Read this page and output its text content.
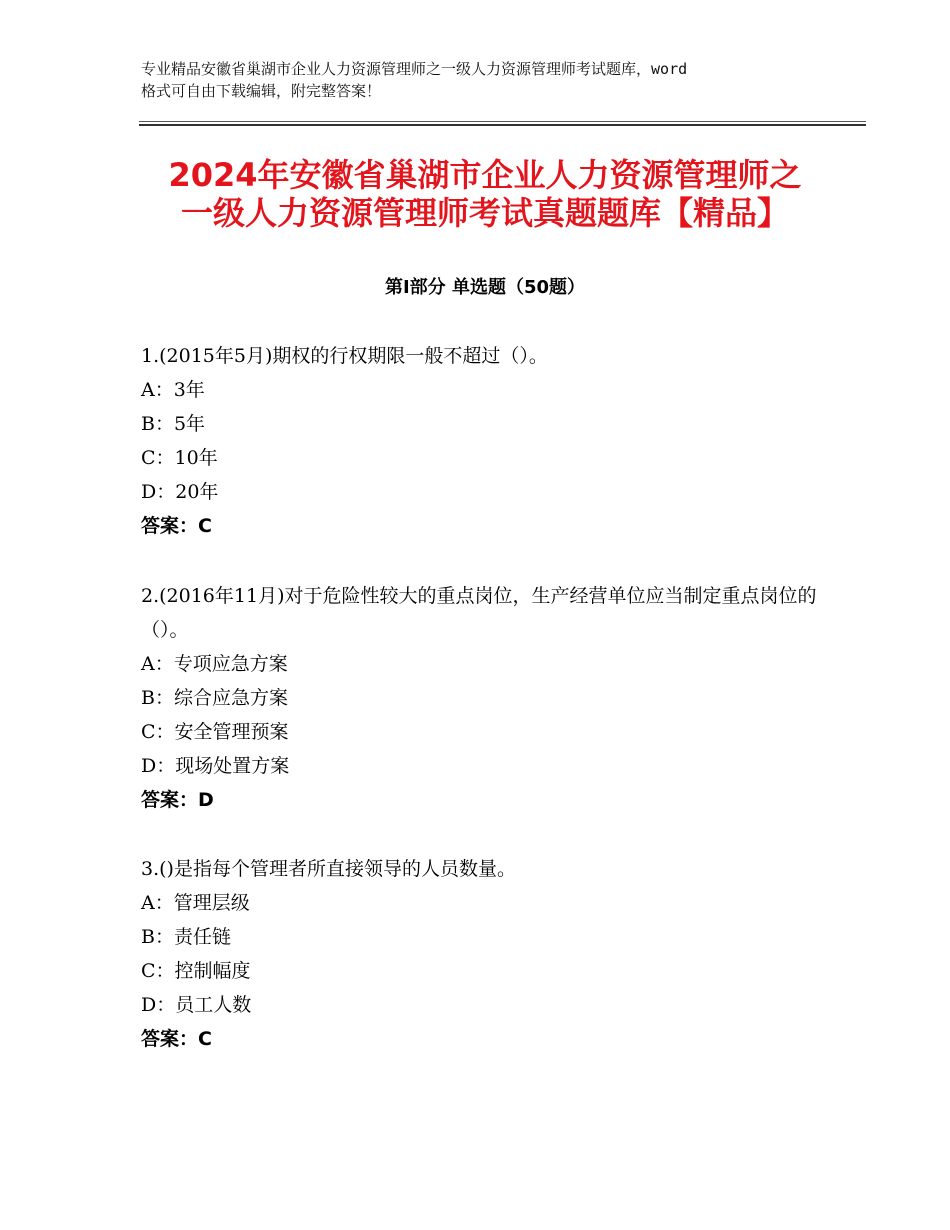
专业精品安徽省巢湖市企业人力资源管理师之一级人力资源管理师考试题库，word

格式可自由下载编辑，附完整答案！

2024年安徽省巢湖市企业人力资源管理师之

一级人力资源管理师考试真题题库【精品】

第Ⅰ部分 单选题（50题）

1.(2015年5月)期权的行权期限一般不超过（）。

A：3年

B：5年

C：10年

D：20年

答案：C

2.(2016年11月)对于危险性较大的重点岗位，生产经营单位应当制定重点岗位的（）。

A：专项应急方案

B：综合应急方案

C：安全管理预案

D：现场处置方案

答案：D

3.()是指每个管理者所直接领导的人员数量。

A：管理层级

B：责任链

C：控制幅度

D：员工人数

答案：C
